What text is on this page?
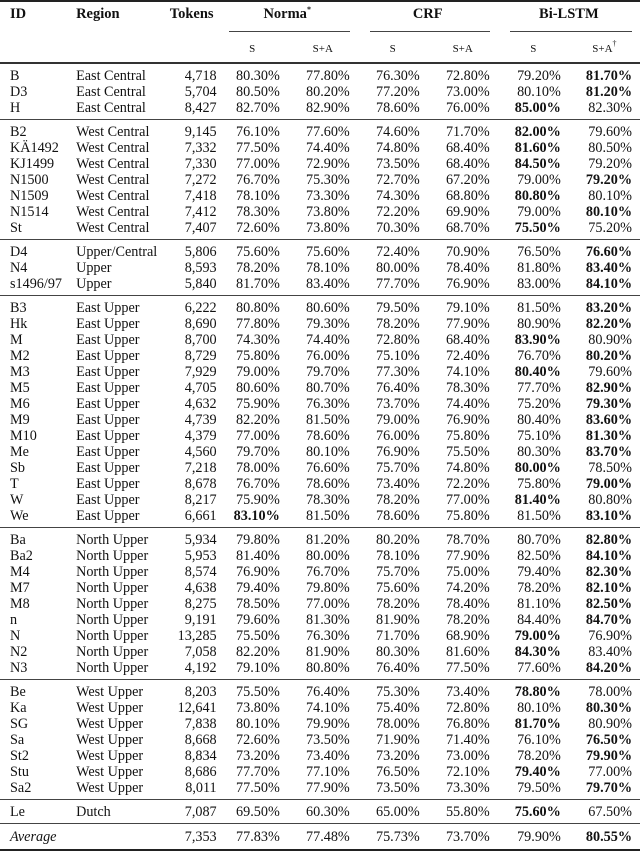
ID	Region	Tokens	Norma*		CRF		Bi-LSTM	
			S	S+A	S	S+A	S	S+A†
B	East Central	4,718	80.30%	77.80%	76.30%	72.80%	79.20%	81.70%
D3	East Central	5,704	80.50%	80.20%	77.20%	73.00%	80.10%	81.20%
H	East Central	8,427	82.70%	82.90%	78.60%	76.00%	85.00%	82.30%
B2	West Central	9,145	76.10%	77.60%	74.60%	71.70%	82.00%	79.60%
KÄ1492	West Central	7,332	77.50%	74.40%	74.80%	68.40%	81.60%	80.50%
KJ1499	West Central	7,330	77.00%	72.90%	73.50%	68.40%	84.50%	79.20%
N1500	West Central	7,272	76.70%	75.30%	72.70%	67.20%	79.00%	79.20%
N1509	West Central	7,418	78.10%	73.30%	74.30%	68.80%	80.80%	80.10%
N1514	West Central	7,412	78.30%	73.80%	72.20%	69.90%	79.00%	80.10%
St	West Central	7,407	72.60%	73.80%	70.30%	68.70%	75.50%	75.20%
D4	Upper/Central	5,806	75.60%	75.60%	72.40%	70.90%	76.50%	76.60%
N4	Upper	8,593	78.20%	78.10%	80.00%	78.40%	81.80%	83.40%
s1496/97	Upper	5,840	81.70%	83.40%	77.70%	76.90%	83.00%	84.10%
B3	East Upper	6,222	80.80%	80.60%	79.50%	79.10%	81.50%	83.20%
Hk	East Upper	8,690	77.80%	79.30%	78.20%	77.90%	80.90%	82.20%
M	East Upper	8,700	74.30%	74.40%	72.80%	68.40%	83.90%	80.90%
M2	East Upper	8,729	75.80%	76.00%	75.10%	72.40%	76.70%	80.20%
M3	East Upper	7,929	79.00%	79.70%	77.30%	74.10%	80.40%	79.60%
M5	East Upper	4,705	80.60%	80.70%	76.40%	78.30%	77.70%	82.90%
M6	East Upper	4,632	75.90%	76.30%	73.70%	74.40%	75.20%	79.30%
M9	East Upper	4,739	82.20%	81.50%	79.00%	76.90%	80.40%	83.60%
M10	East Upper	4,379	77.00%	78.60%	76.00%	75.80%	75.10%	81.30%
Me	East Upper	4,560	79.70%	80.10%	76.90%	75.50%	80.30%	83.70%
Sb	East Upper	7,218	78.00%	76.60%	75.70%	74.80%	80.00%	78.50%
T	East Upper	8,678	76.70%	78.60%	73.40%	72.20%	75.80%	79.00%
W	East Upper	8,217	75.90%	78.30%	78.20%	77.00%	81.40%	80.80%
We	East Upper	6,661	83.10%	81.50%	78.60%	75.80%	81.50%	83.10%
Ba	North Upper	5,934	79.80%	81.20%	80.20%	78.70%	80.70%	82.80%
Ba2	North Upper	5,953	81.40%	80.00%	78.10%	77.90%	82.50%	84.10%
M4	North Upper	8,574	76.90%	76.70%	75.70%	75.00%	79.40%	82.30%
M7	North Upper	4,638	79.40%	79.80%	75.60%	74.20%	78.20%	82.10%
M8	North Upper	8,275	78.50%	77.00%	78.20%	78.40%	81.10%	82.50%
n	North Upper	9,191	79.60%	81.30%	81.90%	78.20%	84.40%	84.70%
N	North Upper	13,285	75.50%	76.30%	71.70%	68.90%	79.00%	76.90%
N2	North Upper	7,058	82.20%	81.90%	80.30%	81.60%	84.30%	83.40%
N3	North Upper	4,192	79.10%	80.80%	76.40%	77.50%	77.60%	84.20%
Be	West Upper	8,203	75.50%	76.40%	75.30%	73.40%	78.80%	78.00%
Ka	West Upper	12,641	73.80%	74.10%	75.40%	72.80%	80.10%	80.30%
SG	West Upper	7,838	80.10%	79.90%	78.00%	76.80%	81.70%	80.90%
Sa	West Upper	8,668	72.60%	73.50%	71.90%	71.40%	76.10%	76.50%
St2	West Upper	8,834	73.20%	73.40%	73.20%	73.00%	78.20%	79.90%
Stu	West Upper	8,686	77.70%	77.10%	76.50%	72.10%	79.40%	77.00%
Sa2	West Upper	8,011	77.50%	77.90%	73.50%	73.30%	79.50%	79.70%
Le	Dutch	7,087	69.50%	60.30%	65.00%	55.80%	75.60%	67.50%
Average		7,353	77.83%	77.48%	75.73%	73.70%	79.90%	80.55%
